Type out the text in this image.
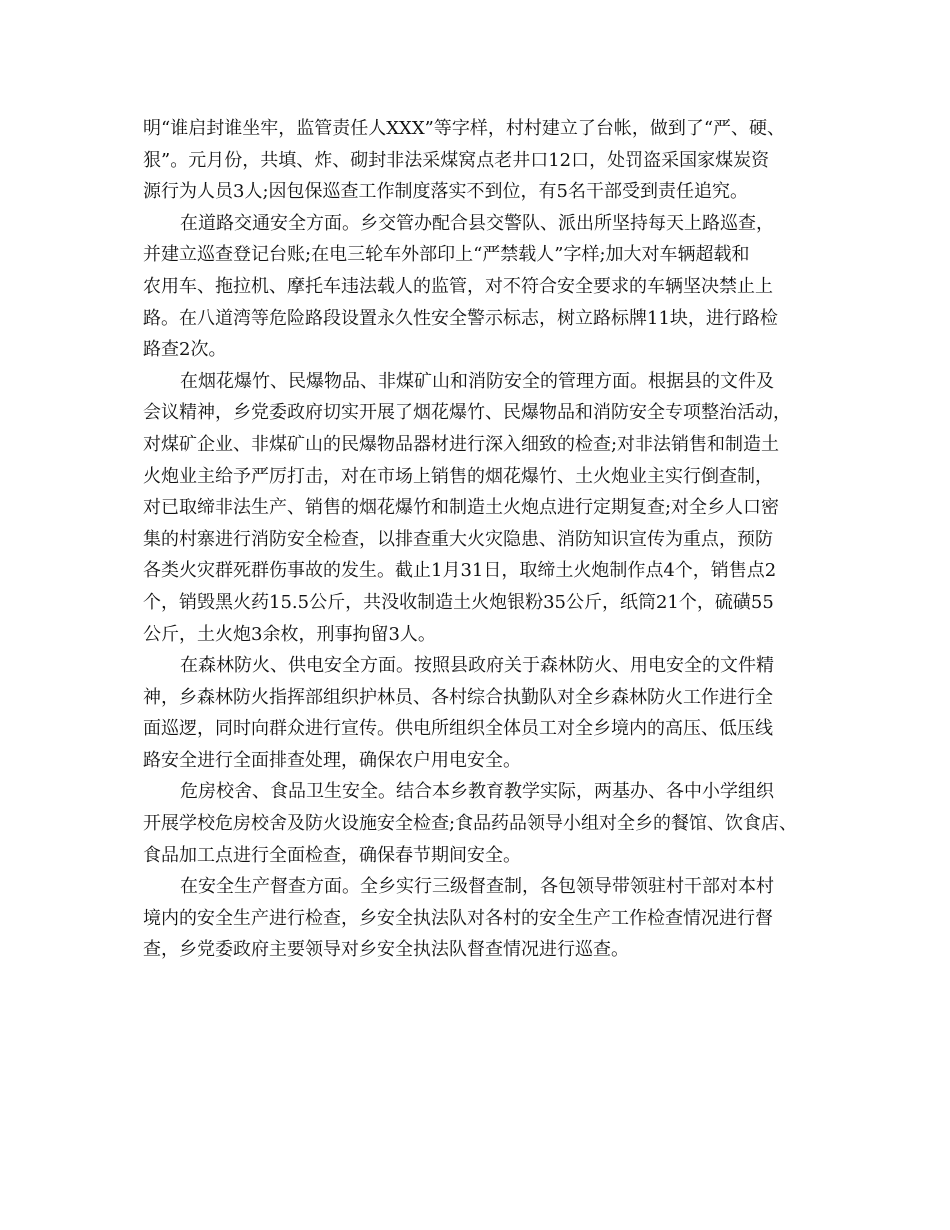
明“谁启封谁坐牢，监管责任人XXX”等字样，村村建立了台帐，做到了“严、硬、
狠”。元月份，共填、炸、砌封非法采煤窝点老井口12口，处罚盗采国家煤炭资
源行为人员3人;因包保巡查工作制度落实不到位，有5名干部受到责任追究。
在道路交通安全方面。乡交管办配合县交警队、派出所坚持每天上路巡查，
并建立巡查登记台账;在电三轮车外部印上“严禁载人”字样;加大对车辆超载和
农用车、拖拉机、摩托车违法载人的监管，对不符合安全要求的车辆坚决禁止上
路。在八道湾等危险路段设置永久性安全警示标志，树立路标牌11块，进行路检
路查2次。
在烟花爆竹、民爆物品、非煤矿山和消防安全的管理方面。根据县的文件及
会议精神，乡党委政府切实开展了烟花爆竹、民爆物品和消防安全专项整治活动，
对煤矿企业、非煤矿山的民爆物品器材进行深入细致的检查;对非法销售和制造土
火炮业主给予严厉打击，对在市场上销售的烟花爆竹、土火炮业主实行倒查制，
对已取缔非法生产、销售的烟花爆竹和制造土火炮点进行定期复查;对全乡人口密
集的村寨进行消防安全检查，以排查重大火灾隐患、消防知识宣传为重点，预防
各类火灾群死群伤事故的发生。截止1月31日，取缔土火炮制作点4个，销售点2
个，销毁黑火药15.5公斤，共没收制造土火炮银粉35公斤，纸筒21个，硫磺55
公斤，土火炮3余枚，刑事拘留3人。
在森林防火、供电安全方面。按照县政府关于森林防火、用电安全的文件精
神，乡森林防火指挥部组织护林员、各村综合执勤队对全乡森林防火工作进行全
面巡逻，同时向群众进行宣传。供电所组织全体员工对全乡境内的高压、低压线
路安全进行全面排查处理，确保农户用电安全。
危房校舍、食品卫生安全。结合本乡教育教学实际，两基办、各中小学组织
开展学校危房校舍及防火设施安全检查;食品药品领导小组对全乡的餐馆、饮食店、
食品加工点进行全面检查，确保春节期间安全。
在安全生产督查方面。全乡实行三级督查制，各包领导带领驻村干部对本村
境内的安全生产进行检查，乡安全执法队对各村的安全生产工作检查情况进行督
查，乡党委政府主要领导对乡安全执法队督查情况进行巡查。
